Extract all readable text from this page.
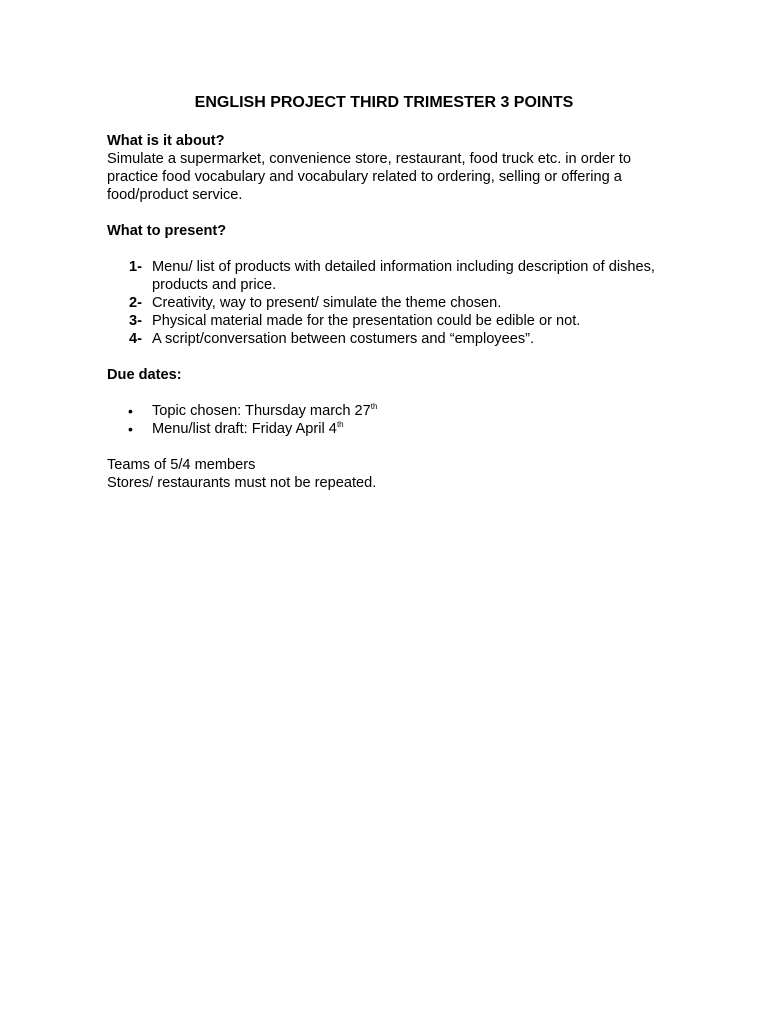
ENGLISH PROJECT THIRD TRIMESTER 3 POINTS

What is it about?

Simulate a supermarket, convenience store, restaurant, food truck etc. in order to practice food vocabulary and vocabulary related to ordering, selling or offering a food/product service.

What to present?

1- Menu/ list of products with detailed information including description of dishes, products and price.
2- Creativity, way to present/ simulate the theme chosen.
3- Physical material made for the presentation could be edible or not.
4- A script/conversation between costumers and “employees”.

Due dates:

• Topic chosen: Thursday march 27th
• Menu/list draft: Friday April 4th

Teams of 5/4 members

Stores/ restaurants must not be repeated.
